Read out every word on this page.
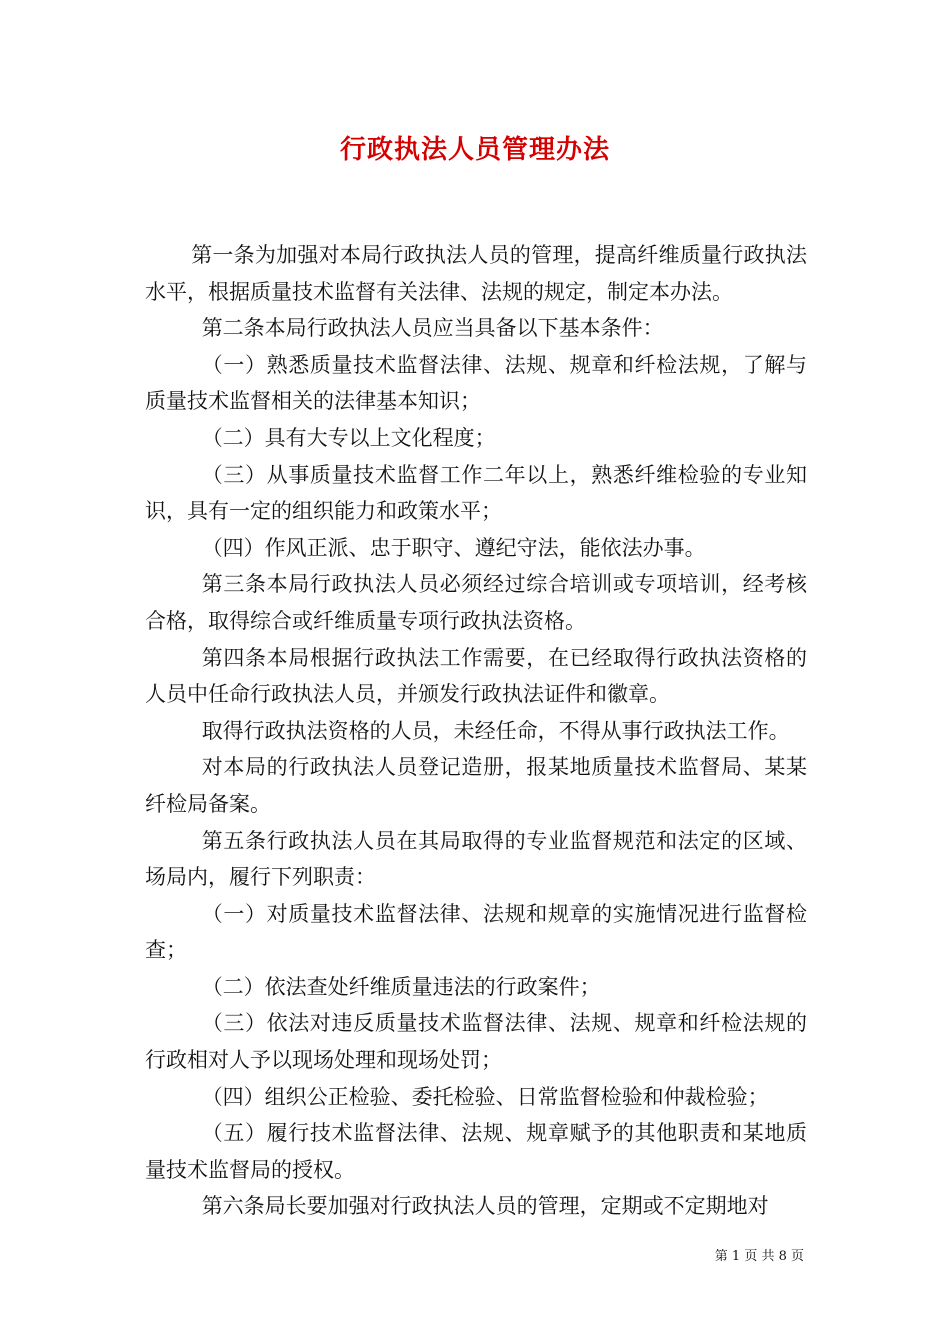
行政执法人员管理办法

第一条为加强对本局行政执法人员的管理，提高纤维质量行政执法水平，根据质量技术监督有关法律、法规的规定，制定本办法。

第二条本局行政执法人员应当具备以下基本条件：

（一）熟悉质量技术监督法律、法规、规章和纤检法规，了解与质量技术监督相关的法律基本知识；

（二）具有大专以上文化程度；

（三）从事质量技术监督工作二年以上，熟悉纤维检验的专业知识，具有一定的组织能力和政策水平；

（四）作风正派、忠于职守、遵纪守法，能依法办事。

第三条本局行政执法人员必须经过综合培训或专项培训，经考核合格，取得综合或纤维质量专项行政执法资格。

第四条本局根据行政执法工作需要，在已经取得行政执法资格的人员中任命行政执法人员，并颁发行政执法证件和徽章。

取得行政执法资格的人员，未经任命，不得从事行政执法工作。

对本局的行政执法人员登记造册，报某地质量技术监督局、某某纤检局备案。

第五条行政执法人员在其局取得的专业监督规范和法定的区域、场局内，履行下列职责：

（一）对质量技术监督法律、法规和规章的实施情况进行监督检查；

（二）依法查处纤维质量违法的行政案件；

（三）依法对违反质量技术监督法律、法规、规章和纤检法规的行政相对人予以现场处理和现场处罚；

（四）组织公正检验、委托检验、日常监督检验和仲裁检验；

（五）履行技术监督法律、法规、规章赋予的其他职责和某地质量技术监督局的授权。

第六条局长要加强对行政执法人员的管理，定期或不定期地对

第 1 页 共 8 页
